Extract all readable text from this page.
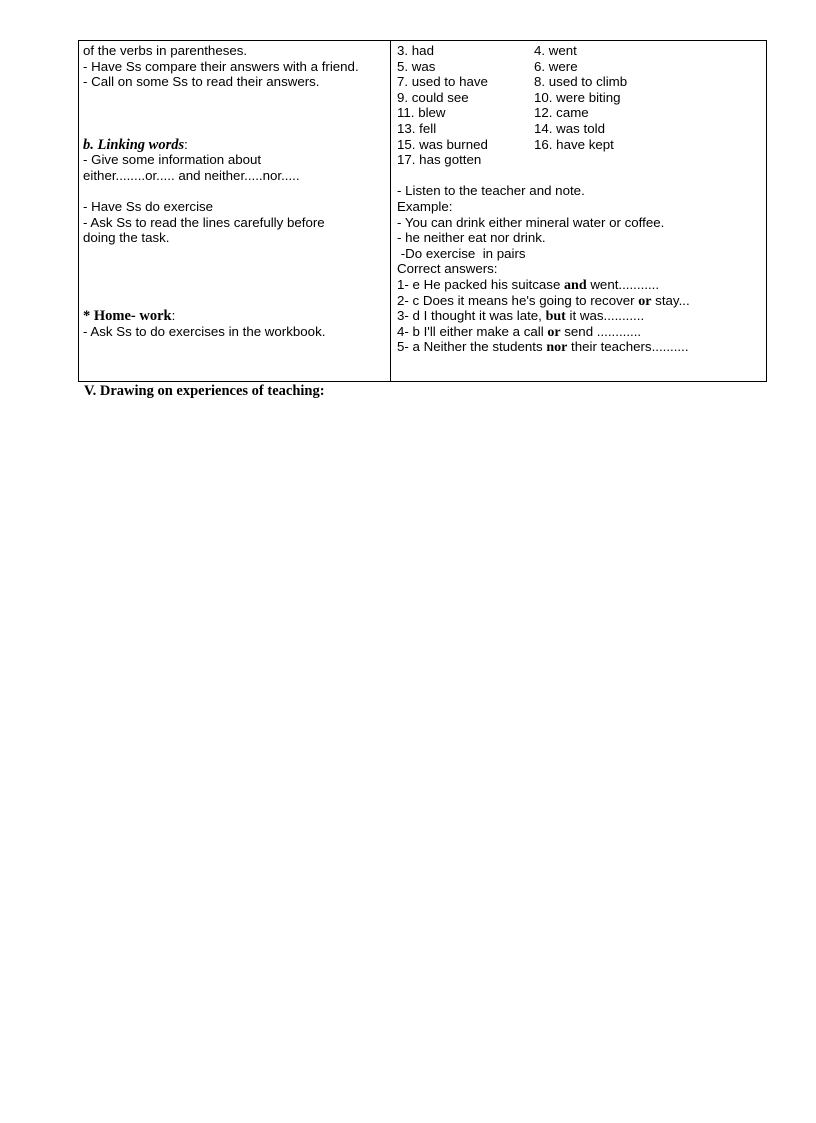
of the verbs in parentheses.
- Have Ss compare their answers with a friend.
- Call on some Ss to read their answers.
b. Linking words:
- Give some information about
either........or..... and neither.....nor.....
- Have Ss do exercise
- Ask Ss to read the lines carefully before
doing the task.
* Home- work:
- Ask Ss to do exercises in the workbook.
3. had	4. went
5. was	6. were
7. used to have	8. used to climb
9. could see	10. were biting
11. blew	12. came
13. fell	14. was told
15. was burned	16. have kept
17. has gotten
- Listen to the teacher and note.
Example:
- You can drink either mineral water or coffee.
- he neither eat nor drink.
-Do exercise  in pairs
Correct answers:
1- e He packed his suitcase and went...........
2- c Does it means he's going to recover or stay...
3- d I thought it was late, but it was...........
4- b I'll either make a call or send ............
5- a Neither the students nor their teachers..........
V. Drawing on experiences of teaching:
